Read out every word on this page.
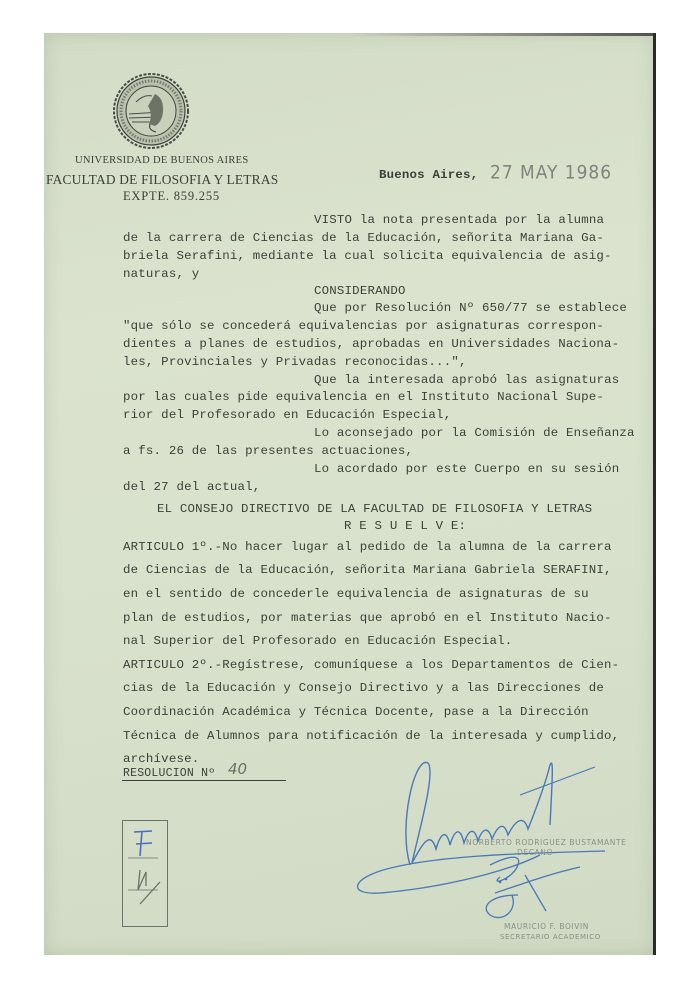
UNIVERSIDAD DE BUENOS AIRES
FACULTAD DE FILOSOFIA Y LETRAS
EXPTE. 859.255
Buenos Aires, 27 MAY 1986
VISTO la nota presentada por la alumna
de la carrera de Ciencias de la Educación, señorita Mariana Ga-
briela Serafini, mediante la cual solicita equivalencia de asig-
naturas, y
CONSIDERANDO
Que por Resolución Nº 650/77 se establece
"que sólo se concederá equivalencias por asignaturas correspon-
dientes a planes de estudios, aprobadas en Universidades Naciona-
les, Provinciales y Privadas reconocidas...",
Que la interesada aprobó las asignaturas
por las cuales pide equivalencia en el Instituto Nacional Supe-
rior del Profesorado en Educación Especial,
Lo aconsejado por la Comisión de Enseñanza
a fs. 26 de las presentes actuaciones,
Lo acordado por este Cuerpo en su sesión
del 27 del actual,
EL CONSEJO DIRECTIVO DE LA FACULTAD DE FILOSOFIA Y LETRAS
R E S U E L V E:
ARTICULO 1º.-No hacer lugar al pedido de la alumna de la carrera
de Ciencias de la Educación, señorita Mariana Gabriela SERAFINI,
en el sentido de concederle equivalencia de asignaturas de su
plan de estudios, por materias que aprobó en el Instituto Nacio-
nal Superior del Profesorado en Educación Especial.
ARTICULO 2º.-Regístrese, comuníquese a los Departamentos de Cien-
cias de la Educación y Consejo Directivo y a las Direcciones de
Coordinación Académica y Técnica Docente, pase a la Dirección
Técnica de Alumnos para notificación de la interesada y cumplido,
archívese.
RESOLUCION Nº 40
NORBERTO RODRIGUEZ BUSTAMANTE
DECANO
MAURICIO F. BOIVIN
SECRETARIO ACADEMICO
